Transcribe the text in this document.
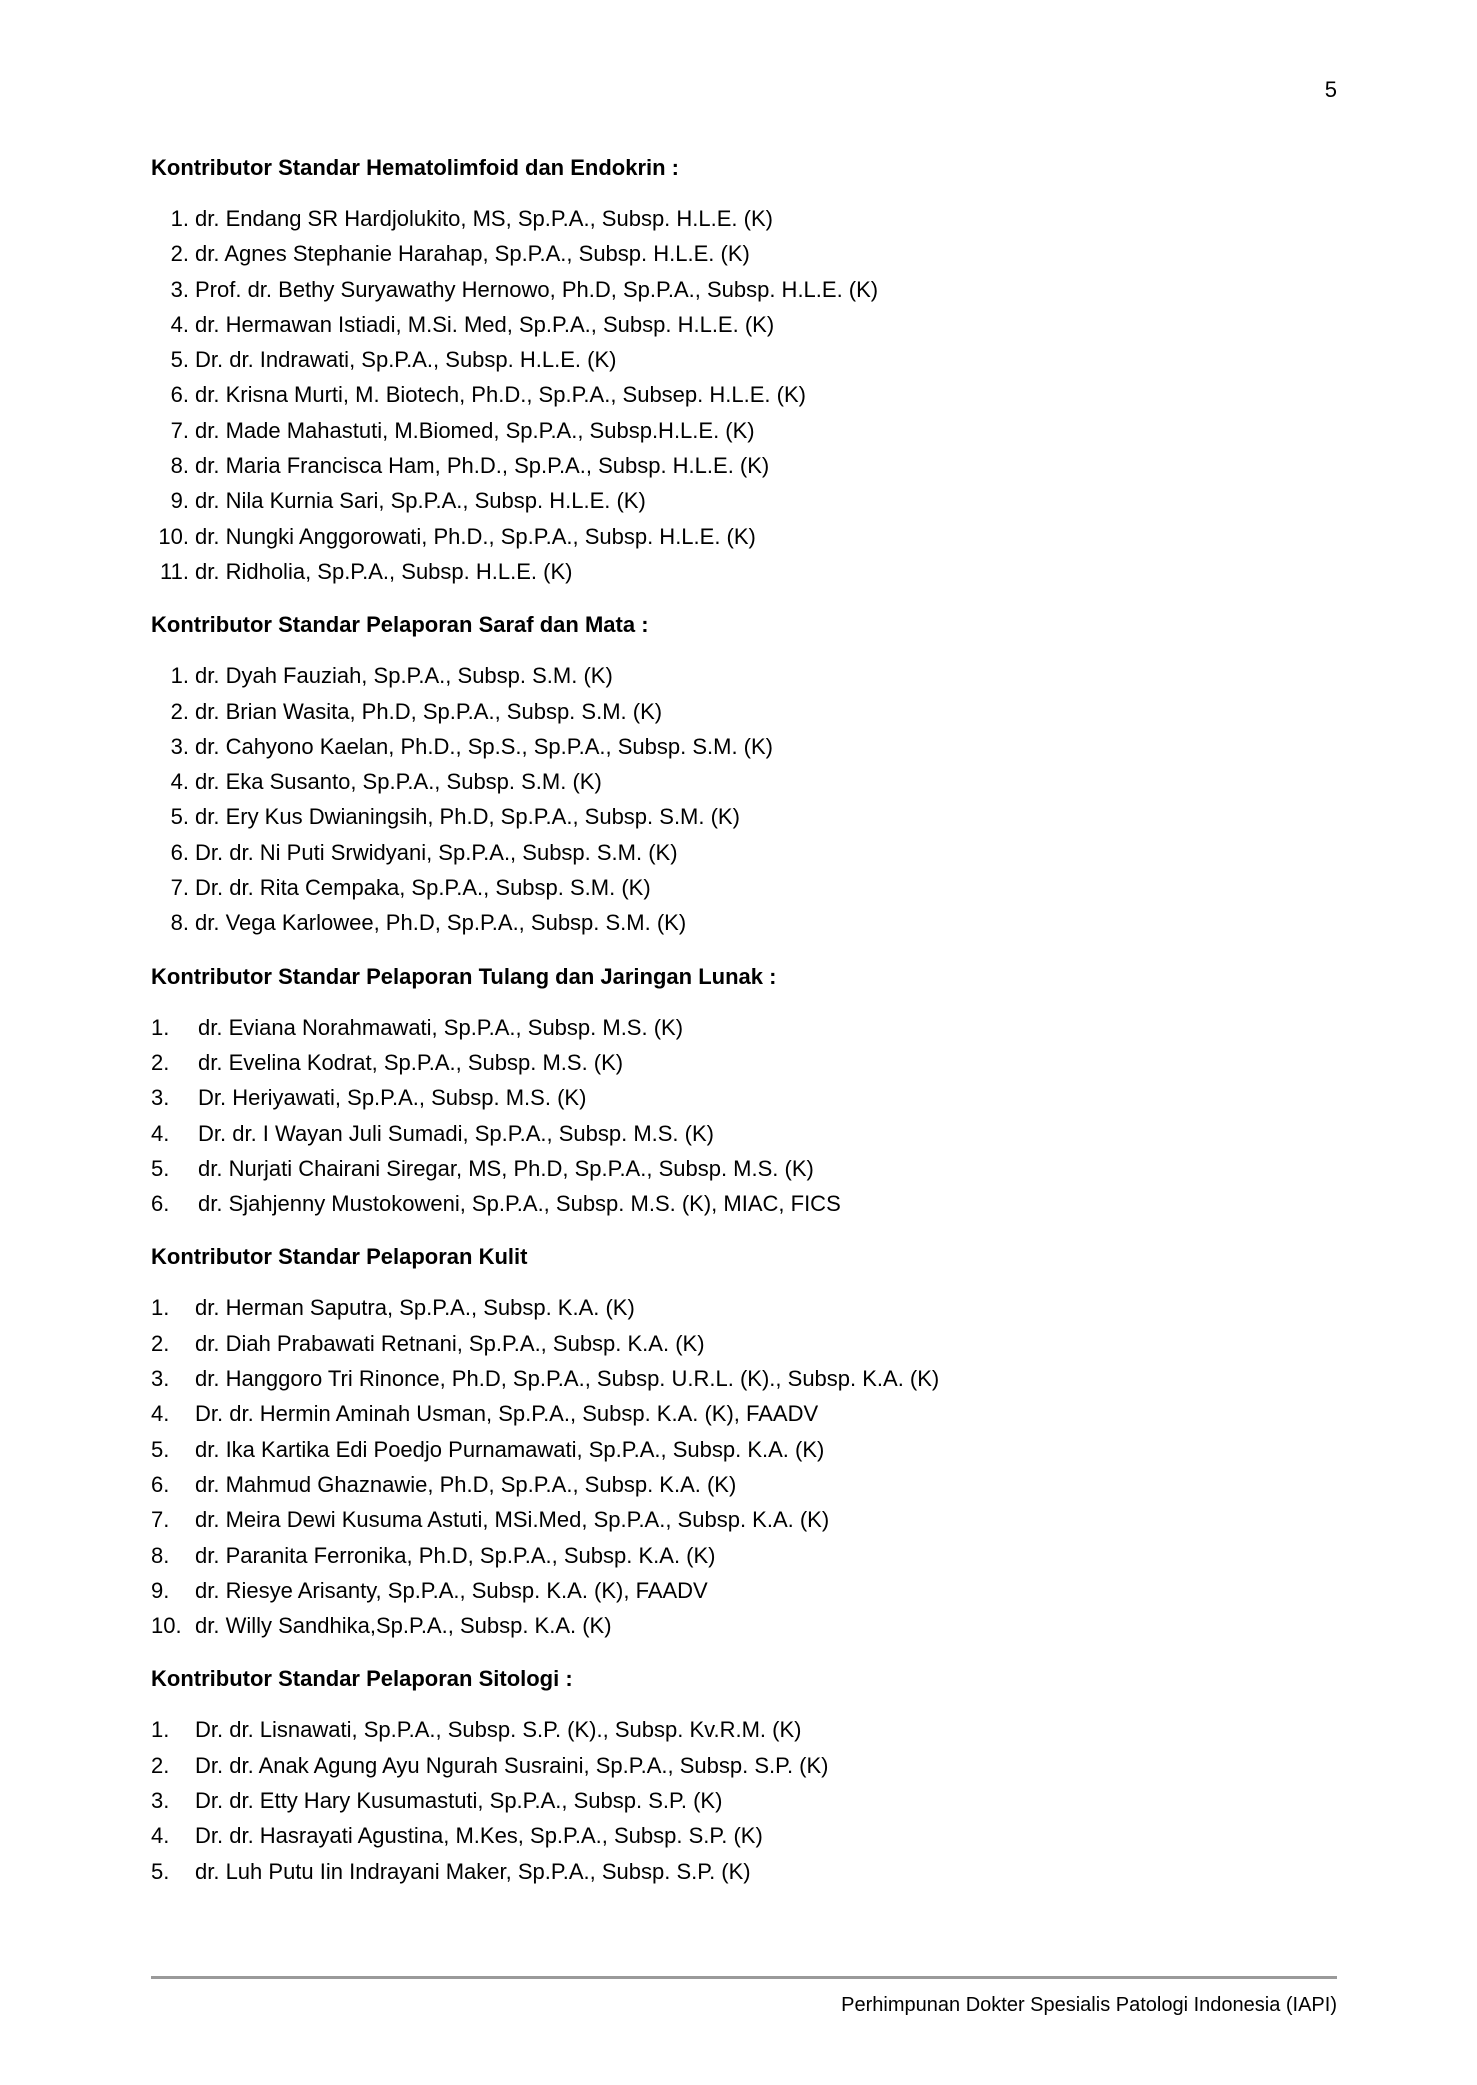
5
Kontributor Standar Hematolimfoid dan Endokrin :
1. dr. Endang SR Hardjolukito, MS, Sp.P.A., Subsp. H.L.E. (K)
2. dr. Agnes Stephanie Harahap, Sp.P.A., Subsp. H.L.E. (K)
3. Prof. dr. Bethy Suryawathy Hernowo, Ph.D, Sp.P.A., Subsp. H.L.E. (K)
4. dr. Hermawan Istiadi, M.Si. Med, Sp.P.A., Subsp. H.L.E. (K)
5. Dr. dr. Indrawati, Sp.P.A., Subsp. H.L.E. (K)
6. dr. Krisna Murti, M. Biotech, Ph.D., Sp.P.A., Subsep. H.L.E. (K)
7. dr. Made Mahastuti, M.Biomed, Sp.P.A., Subsp.H.L.E. (K)
8. dr. Maria Francisca Ham, Ph.D., Sp.P.A., Subsp. H.L.E. (K)
9. dr. Nila Kurnia Sari, Sp.P.A., Subsp. H.L.E. (K)
10. dr. Nungki Anggorowati, Ph.D., Sp.P.A., Subsp. H.L.E. (K)
11. dr. Ridholia, Sp.P.A., Subsp. H.L.E. (K)
Kontributor Standar Pelaporan Saraf dan Mata :
1. dr. Dyah Fauziah, Sp.P.A., Subsp. S.M. (K)
2. dr. Brian Wasita, Ph.D, Sp.P.A., Subsp. S.M. (K)
3. dr. Cahyono Kaelan, Ph.D., Sp.S., Sp.P.A., Subsp. S.M. (K)
4. dr. Eka Susanto, Sp.P.A., Subsp. S.M. (K)
5. dr. Ery Kus Dwianingsih, Ph.D, Sp.P.A., Subsp. S.M. (K)
6. Dr. dr. Ni Puti Srwidyani, Sp.P.A., Subsp. S.M. (K)
7. Dr. dr. Rita Cempaka, Sp.P.A., Subsp. S.M. (K)
8. dr. Vega Karlowee, Ph.D, Sp.P.A., Subsp. S.M. (K)
Kontributor Standar Pelaporan Tulang dan Jaringan Lunak :
1.	dr. Eviana Norahmawati, Sp.P.A., Subsp. M.S. (K)
2.	dr. Evelina Kodrat, Sp.P.A., Subsp. M.S. (K)
3.	Dr. Heriyawati, Sp.P.A., Subsp. M.S. (K)
4.	Dr. dr. I Wayan Juli Sumadi, Sp.P.A., Subsp. M.S. (K)
5.	dr. Nurjati Chairani Siregar, MS, Ph.D, Sp.P.A., Subsp. M.S. (K)
6.	dr. Sjahjenny Mustokoweni, Sp.P.A., Subsp. M.S. (K), MIAC, FICS
Kontributor Standar Pelaporan Kulit
1.	dr. Herman Saputra, Sp.P.A., Subsp. K.A. (K)
2.	dr. Diah Prabawati Retnani, Sp.P.A., Subsp. K.A. (K)
3.	dr. Hanggoro Tri Rinonce, Ph.D, Sp.P.A., Subsp. U.R.L. (K)., Subsp. K.A. (K)
4.	Dr. dr. Hermin Aminah Usman, Sp.P.A., Subsp. K.A. (K), FAADV
5.	dr. Ika Kartika Edi Poedjo Purnamawati, Sp.P.A., Subsp. K.A. (K)
6.	dr. Mahmud Ghaznawie, Ph.D, Sp.P.A., Subsp. K.A. (K)
7.	dr. Meira Dewi Kusuma Astuti, MSi.Med, Sp.P.A., Subsp. K.A. (K)
8.	dr. Paranita Ferronika, Ph.D, Sp.P.A., Subsp. K.A. (K)
9.	dr. Riesye Arisanty, Sp.P.A., Subsp. K.A. (K), FAADV
10. dr. Willy Sandhika,Sp.P.A., Subsp. K.A. (K)
Kontributor Standar Pelaporan Sitologi :
1.	Dr. dr. Lisnawati, Sp.P.A., Subsp. S.P. (K)., Subsp. Kv.R.M. (K)
2.	Dr. dr. Anak Agung Ayu Ngurah Susraini, Sp.P.A., Subsp. S.P. (K)
3.	Dr. dr. Etty Hary Kusumastuti, Sp.P.A., Subsp. S.P. (K)
4.	Dr. dr. Hasrayati Agustina, M.Kes, Sp.P.A., Subsp. S.P. (K)
5.	dr. Luh Putu Iin Indrayani Maker, Sp.P.A., Subsp. S.P. (K)
Perhimpunan Dokter Spesialis Patologi Indonesia (IAPI)
